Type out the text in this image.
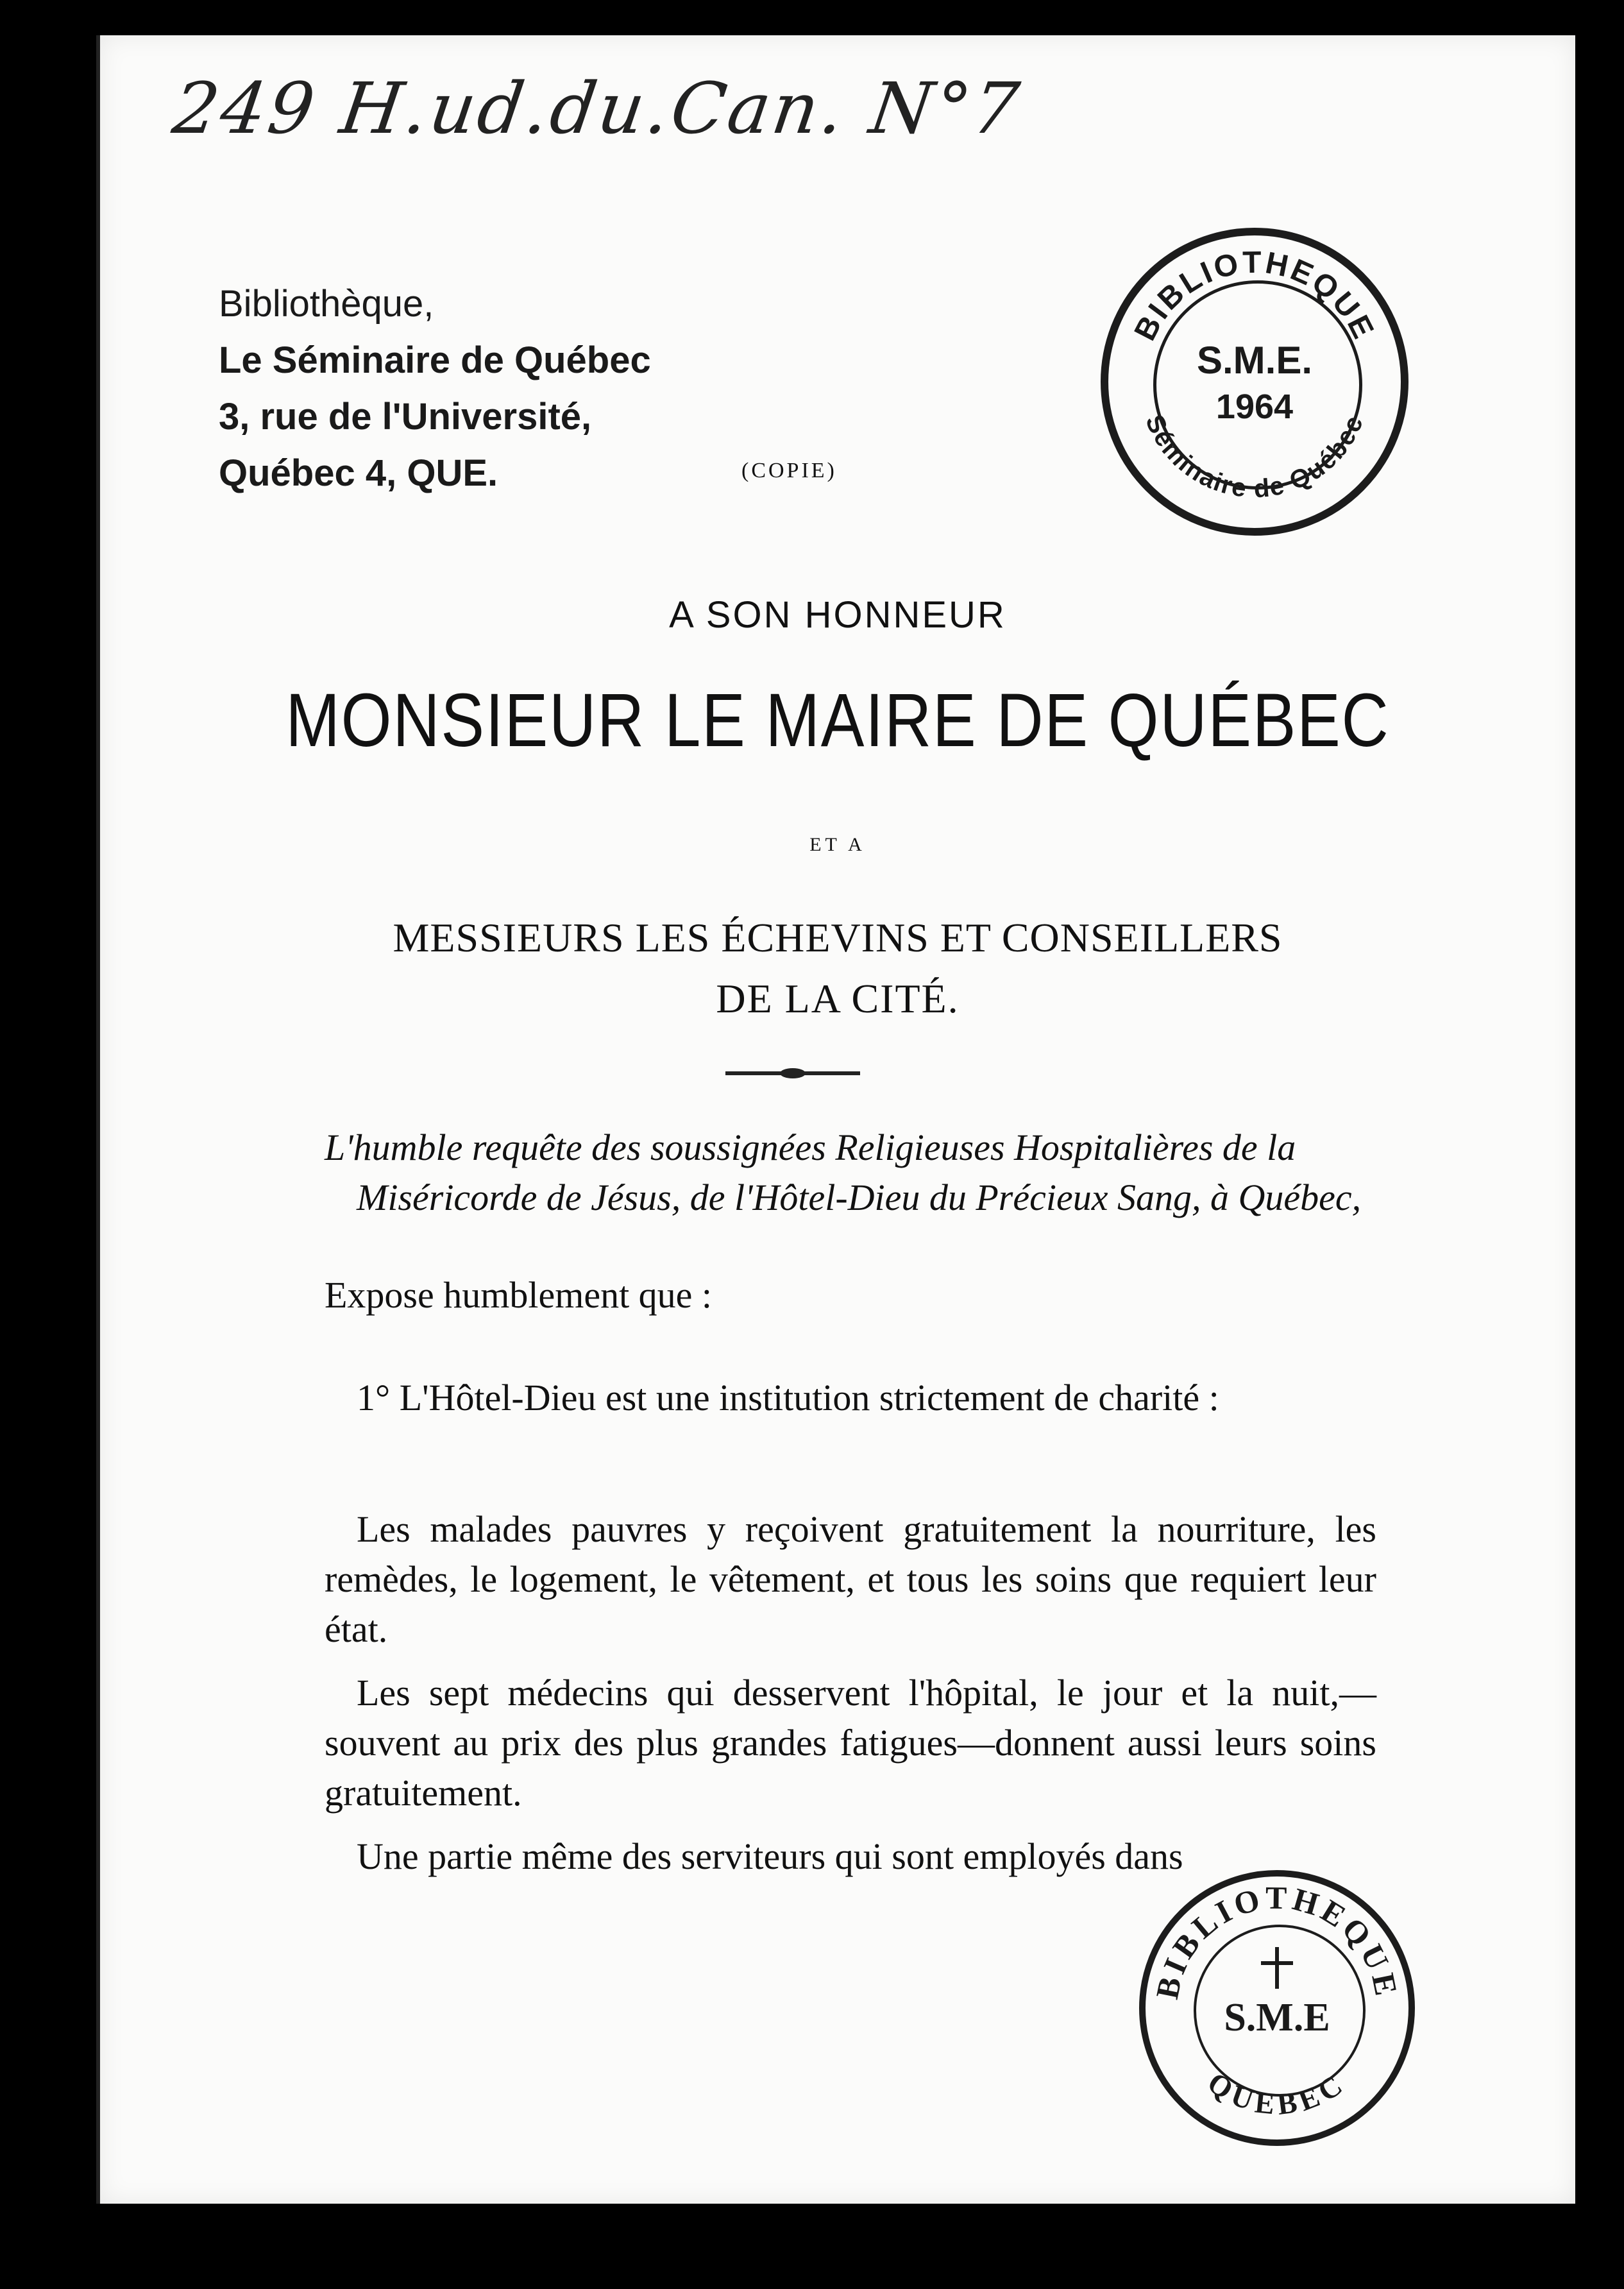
249 H.ud.du.Can. N°7
Bibliothèque,
Le Séminaire de Québec
3, rue de l'Université,
Québec 4, QUE.
BIBLIOTHEQUE
Séminaire de Québec
S.M.E.
1964
(COPIE)
A SON HONNEUR
MONSIEUR LE MAIRE DE QUÉBEC
ET A
MESSIEURS LES ÉCHEVINS ET CONSEILLERS
DE LA CITÉ.
L'humble requête des soussignées Religieuses Hospitalières de la
Miséricorde de Jésus, de l'Hôtel-Dieu du Précieux Sang, à Québec,
Expose humblement que :
1° L'Hôtel-Dieu est une institution strictement de charité :
Les malades pauvres y reçoivent gratuitement la nourriture, les remèdes, le logement, le vêtement, et tous les soins que requiert leur état.
Les sept médecins qui desservent l'hôpital, le jour et la nuit,—souvent au prix des plus grandes fatigues—donnent aussi leurs soins gratuitement.
Une partie même des serviteurs qui sont employés dans
BIBLIOTHEQUE
QUEBEC
S.M.E
